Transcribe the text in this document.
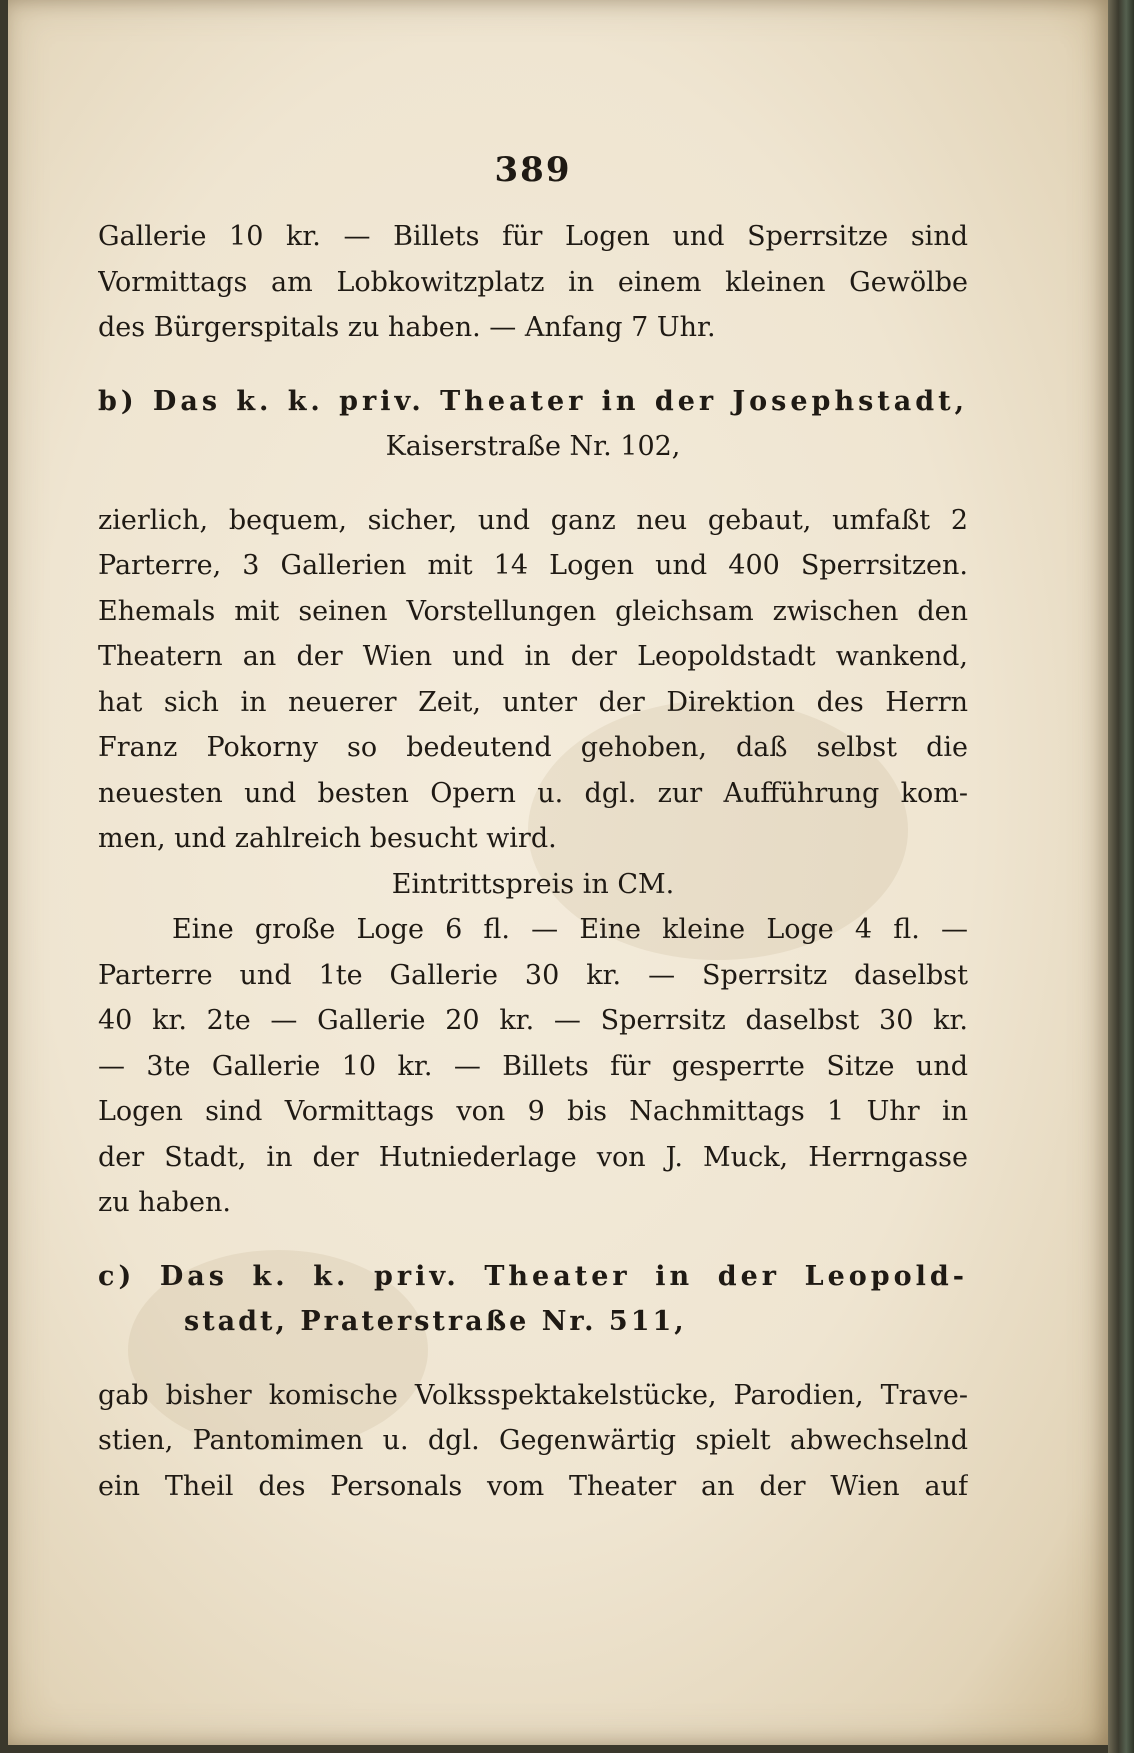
389
Gallerie 10 kr. — Billets für Logen und Sperrsitze sind
Vormittags am Lobkowitzplatz in einem kleinen Gewölbe
des Bürgerspitals zu haben. — Anfang 7 Uhr.
b) Das k. k. priv. Theater in der Josephstadt,
Kaiserstraße Nr. 102,
zierlich, bequem, sicher, und ganz neu gebaut, umfaßt 2
Parterre, 3 Gallerien mit 14 Logen und 400 Sperrsitzen.
Ehemals mit seinen Vorstellungen gleichsam zwischen den
Theatern an der Wien und in der Leopoldstadt wankend,
hat sich in neuerer Zeit, unter der Direktion des Herrn
Franz Pokorny so bedeutend gehoben, daß selbst die
neuesten und besten Opern u. dgl. zur Aufführung kom-
men, und zahlreich besucht wird.
Eintrittspreis in CM.
Eine große Loge 6 fl. — Eine kleine Loge 4 fl. —
Parterre und 1te Gallerie 30 kr. — Sperrsitz daselbst
40 kr. 2te — Gallerie 20 kr. — Sperrsitz daselbst 30 kr.
— 3te Gallerie 10 kr. — Billets für gesperrte Sitze und
Logen sind Vormittags von 9 bis Nachmittags 1 Uhr in
der Stadt, in der Hutniederlage von J. Muck, Herrngasse
zu haben.
c) Das k. k. priv. Theater in der Leopold-
stadt, Praterstraße Nr. 511,
gab bisher komische Volksspektakelstücke, Parodien, Trave-
stien, Pantomimen u. dgl. Gegenwärtig spielt abwechselnd
ein Theil des Personals vom Theater an der Wien auf
